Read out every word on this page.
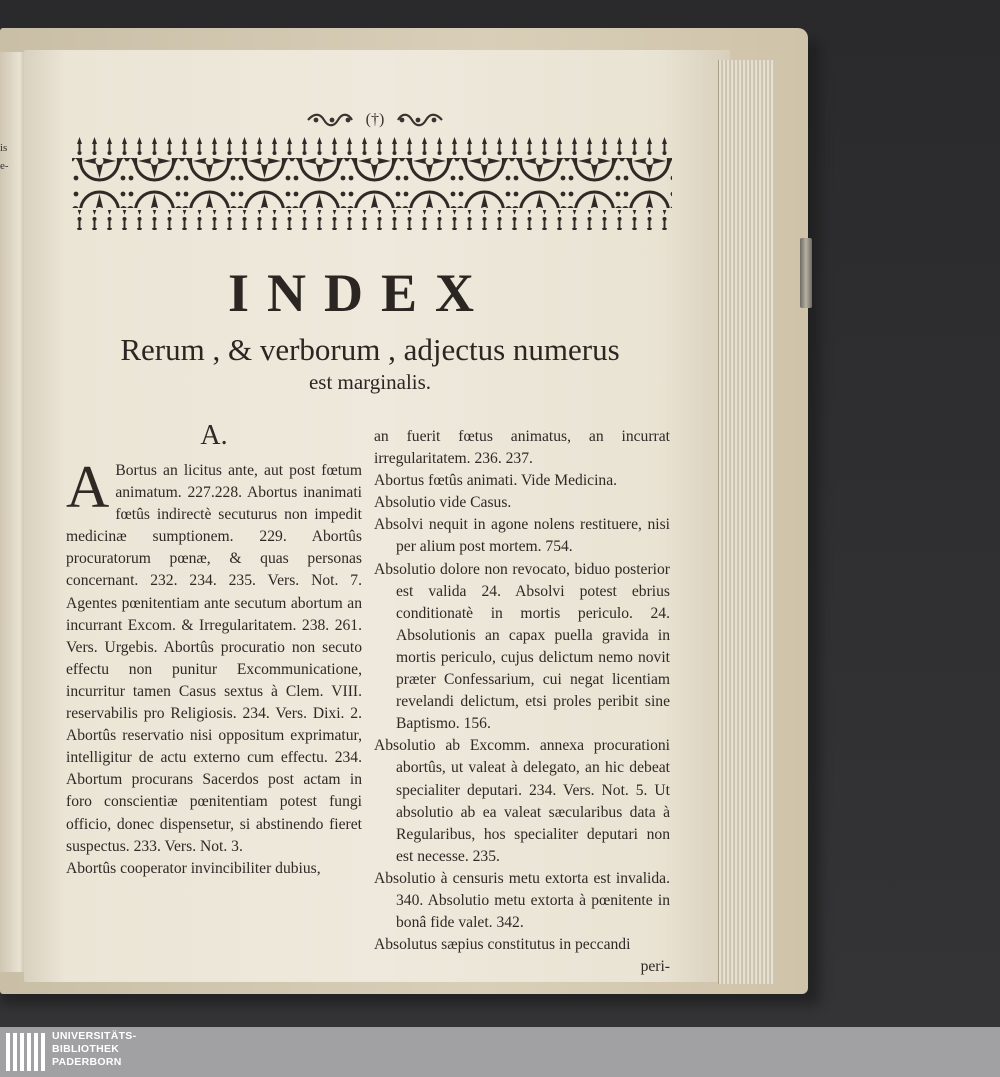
is
e-
(†)
INDEX
Rerum , & verborum , adjectus numerus
est marginalis.
A.
A Bortus an licitus ante, aut post fœtum animatum. 227.228. Abortus inanimati fœtûs indirectè secuturus non impedit medicinæ sumptionem. 229. Abortûs procuratorum pœnæ, & quas personas concernant. 232. 234. 235. Vers. Not. 7. Agentes pœnitentiam ante secutum abortum an incurrant Excom. & Irregularitatem. 238. 261. Vers. Urgebis. Abortûs procuratio non secuto effectu non punitur Excommunicatione, incurritur tamen Casus sextus à Clem. VIII. reservabilis pro Religiosis. 234. Vers. Dixi. 2. Abortûs reservatio nisi oppositum exprimatur, intelligitur de actu externo cum effectu. 234. Abortum procurans Sacerdos post actam in foro conscientiæ pœnitentiam potest fungi officio, donec dispensetur, si abstinendo fieret suspectus. 233. Vers. Not. 3.
Abortûs cooperator invincibiliter dubius,
an fuerit fœtus animatus, an incurrat irregularitatem. 236. 237.
Abortus fœtûs animati. Vide Medicina.
Absolutio vide Casus.
Absolvi nequit in agone nolens restituere, nisi per alium post mortem. 754.
Absolutio dolore non revocato, biduo posterior est valida 24. Absolvi potest ebrius conditionatè in mortis periculo. 24. Absolutionis an capax puella gravida in mortis periculo, cujus delictum nemo novit præter Confessarium, cui negat licentiam revelandi delictum, etsi proles peribit sine Baptismo. 156.
Absolutio ab Excomm. annexa procurationi abortûs, ut valeat à delegato, an hic debeat specialiter deputari. 234. Vers. Not. 5. Ut absolutio ab ea valeat sæcularibus data à Regularibus, hos specialiter deputari non est necesse. 235.
Absolutio à censuris metu extorta est invalida. 340. Absolutio metu extorta à pœnitente in bonâ fide valet. 342.
Absolutus sæpius constitutus in peccandi
peri-
UNIVERSITÄTS-
BIBLIOTHEK
PADERBORN
